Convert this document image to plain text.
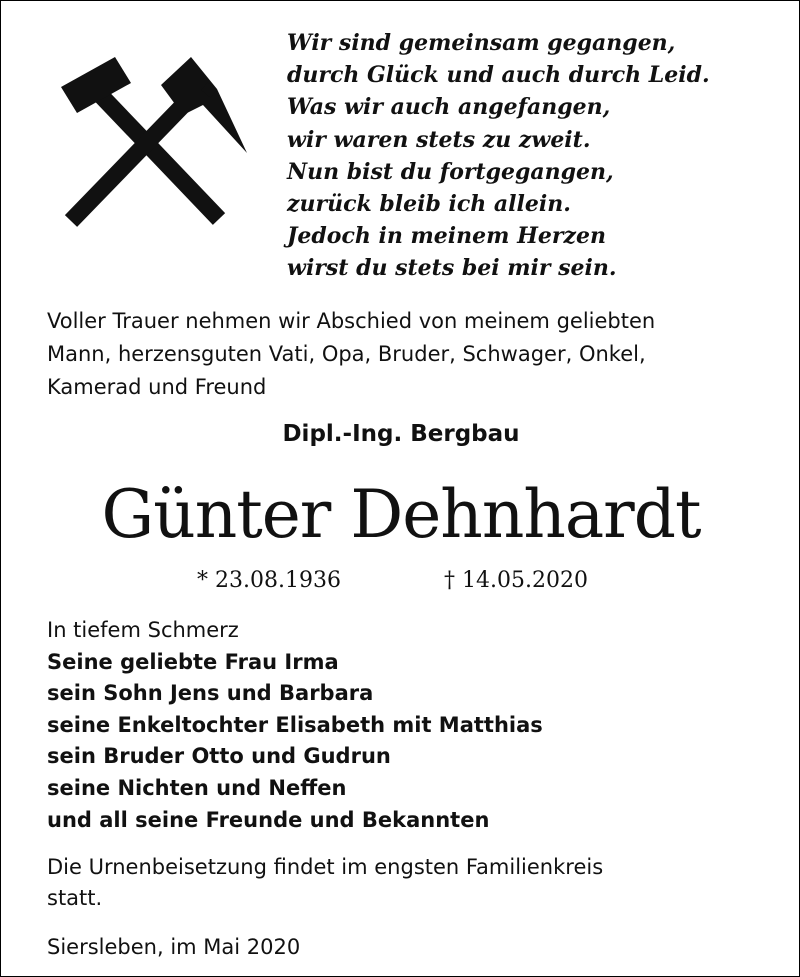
Wir sind gemeinsam gegangen,
durch Glück und auch durch Leid.
Was wir auch angefangen,
wir waren stets zu zweit.
Nun bist du fortgegangen,
zurück bleib ich allein.
Jedoch in meinem Herzen
wirst du stets bei mir sein.
Voller Trauer nehmen wir Abschied von meinem geliebten
Mann, herzensguten Vati, Opa, Bruder, Schwager, Onkel,
Kamerad und Freund
Dipl.-Ing. Bergbau
Günter Dehnhardt
* 23.08.1936	† 14.05.2020
In tiefem Schmerz
Seine geliebte Frau Irma
sein Sohn Jens und Barbara
seine Enkeltochter Elisabeth mit Matthias
sein Bruder Otto und Gudrun
seine Nichten und Neffen
und all seine Freunde und Bekannten
Die Urnenbeisetzung findet im engsten Familienkreis
statt.
Siersleben, im Mai 2020
